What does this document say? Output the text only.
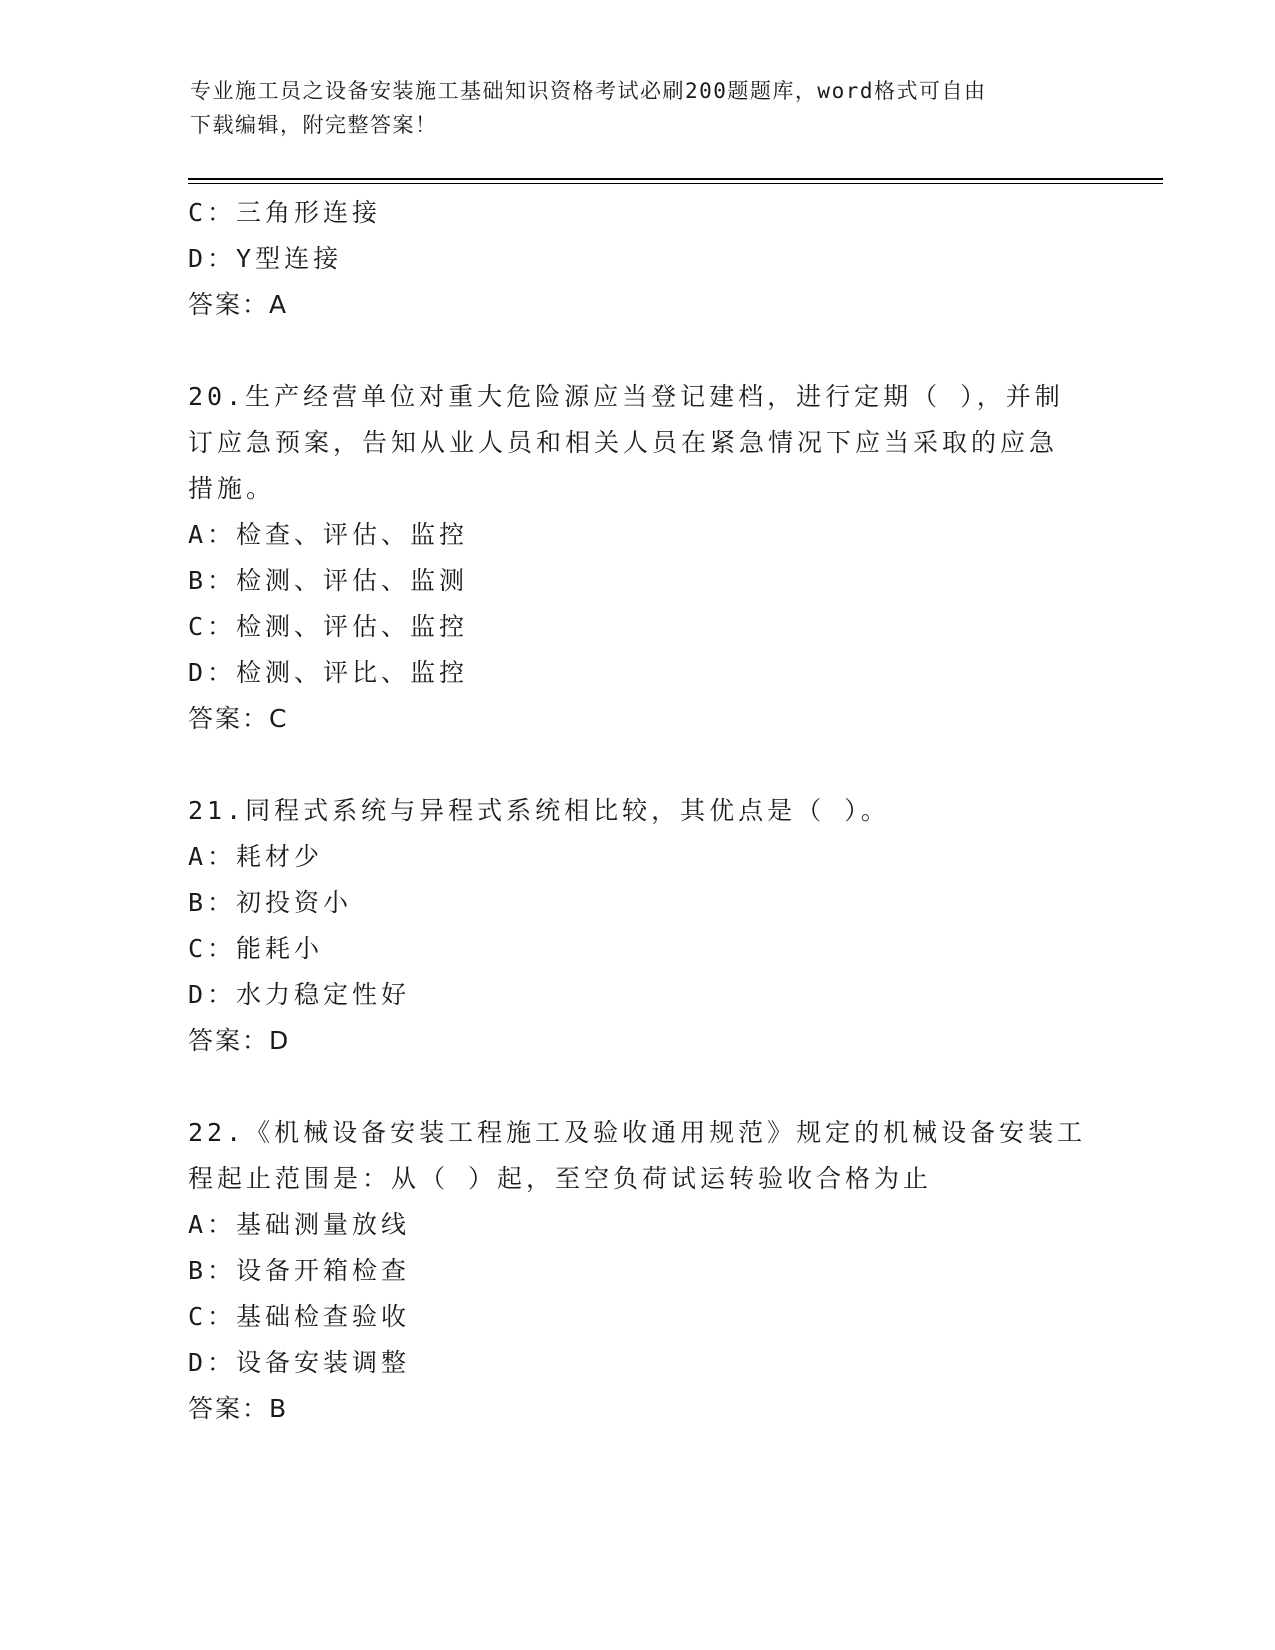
专业施工员之设备安装施工基础知识资格考试必刷200题题库，word格式可自由

下载编辑，附完整答案！

C：三角形连接
D：Y型连接
答案：A
20.生产经营单位对重大危险源应当登记建档，进行定期（ ），并制
订应急预案，告知从业人员和相关人员在紧急情况下应当采取的应急
措施。
A：检查、评估、监控
B：检测、评估、监测
C：检测、评估、监控
D：检测、评比、监控
答案：C
21.同程式系统与异程式系统相比较，其优点是（ ）。
A：耗材少
B：初投资小
C：能耗小
D：水力稳定性好
答案：D
22.《机械设备安装工程施工及验收通用规范》规定的机械设备安装工
程起止范围是：从（ ）起，至空负荷试运转验收合格为止
A：基础测量放线
B：设备开箱检查
C：基础检查验收
D：设备安装调整
答案：B
